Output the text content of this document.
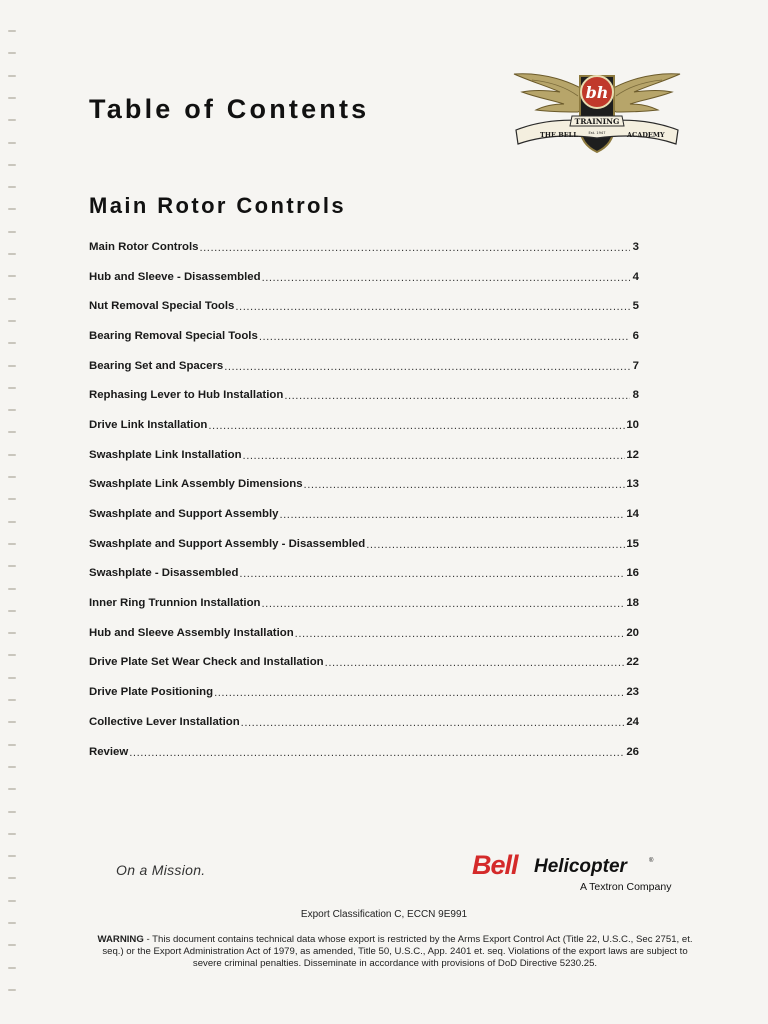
Table of Contents
bh
TRAINING
THE BELL	ACADEMY
Est. 1947
Main Rotor Controls
Main Rotor Controls .....	3
Hub and Sleeve - Disassembled .....	4
Nut Removal Special Tools .....	5
Bearing Removal Special Tools .....	6
Bearing Set and Spacers .....	7
Rephasing Lever to Hub Installation .....	8
Drive Link Installation .....	10
Swashplate Link Installation .....	12
Swashplate Link Assembly Dimensions .....	13
Swashplate and Support Assembly .....	14
Swashplate and Support Assembly - Disassembled .....	15
Swashplate - Disassembled .....	16
Inner Ring Trunnion Installation .....	18
Hub and Sleeve Assembly Installation .....	20
Drive Plate Set Wear Check and Installation .....	22
Drive Plate Positioning .....	23
Collective Lever Installation .....	24
Review .....	26
On a Mission.	Bell Helicopter	®
A Textron Company
Export Classification C, ECCN 9E991
WARNING - This document contains technical data whose export is restricted by the Arms Export Control Act (Title 22, U.S.C., Sec 2751, et. seq.) or the Export Administration Act of 1979, as amended, Title 50, U.S.C., App. 2401 et. seq. Violations of the export laws are subject to severe criminal penalties. Disseminate in accordance with provisions of DoD Directive 5230.25.
